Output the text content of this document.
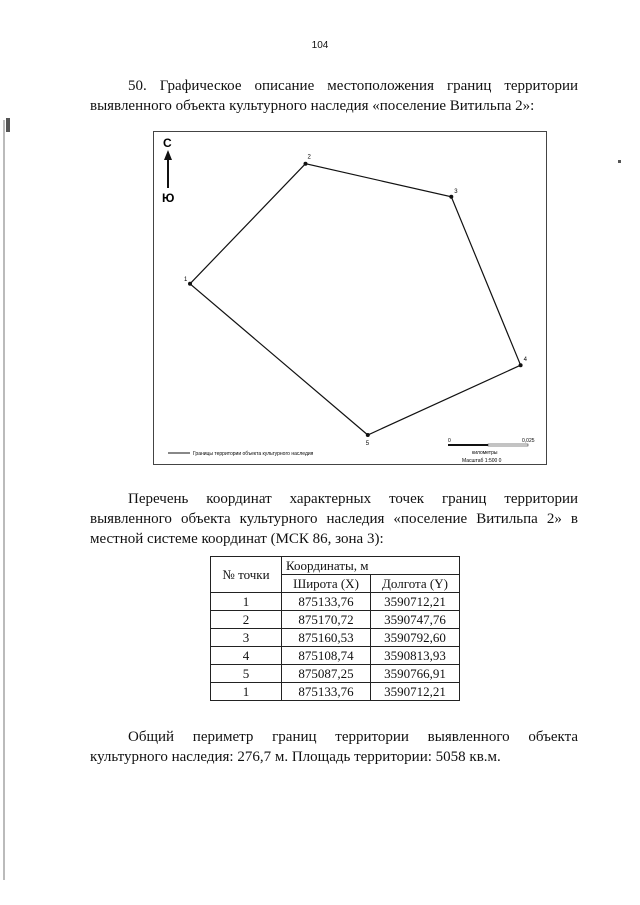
104

50. Графическое описание местоположения границ территории выявленного объекта культурного наследия «поселение Витильпа 2»:

С
Ю
1
2
3
4
5
Границы территории объекта культурного наследия
0	0,025
километры
Масштаб 1:500 0

Перечень координат характерных точек границ территории выявленного объекта культурного наследия «поселение Витильпа 2» в местной системе координат (МСК 86, зона 3):

№ точки	Координаты, м	
	Широта (X)	Долгота (Y)
1	875133,76	3590712,21
2	875170,72	3590747,76
3	875160,53	3590792,60
4	875108,74	3590813,93
5	875087,25	3590766,91
1	875133,76	3590712,21

Общий периметр границ территории выявленного объекта культурного наследия: 276,7 м. Площадь территории: 5058 кв.м.
